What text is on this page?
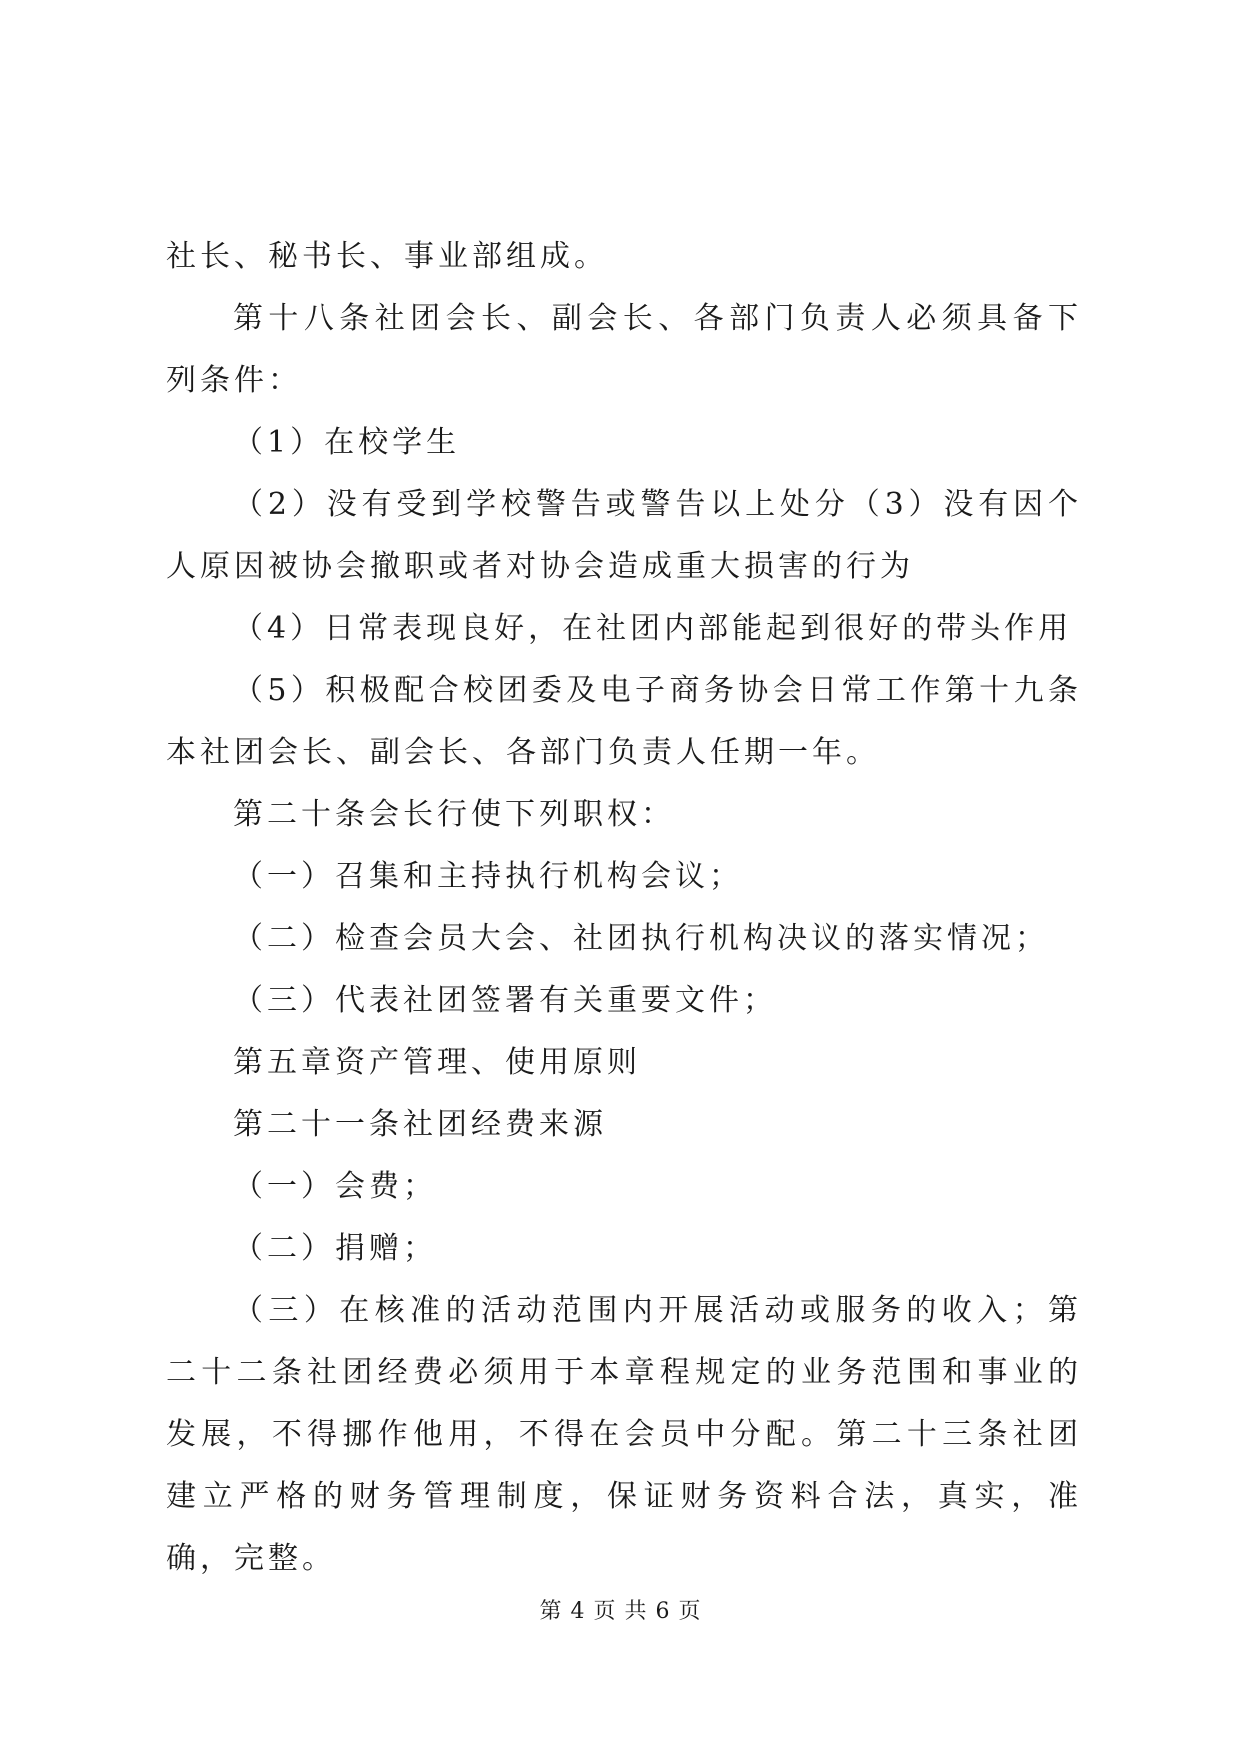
社长、秘书长、事业部组成。

第十八条社团会长、副会长、各部门负责人必须具备下列条件：

（1）在校学生

（2）没有受到学校警告或警告以上处分（3）没有因个人原因被协会撤职或者对协会造成重大损害的行为

（4）日常表现良好，在社团内部能起到很好的带头作用

（5）积极配合校团委及电子商务协会日常工作第十九条本社团会长、副会长、各部门负责人任期一年。

第二十条会长行使下列职权：

（一）召集和主持执行机构会议；

（二）检查会员大会、社团执行机构决议的落实情况；

（三）代表社团签署有关重要文件；

第五章资产管理、使用原则

第二十一条社团经费来源

（一）会费；

（二）捐赠；

（三）在核准的活动范围内开展活动或服务的收入；第二十二条社团经费必须用于本章程规定的业务范围和事业的发展，不得挪作他用，不得在会员中分配。第二十三条社团建立严格的财务管理制度，保证财务资料合法，真实，准确，完整。

第 4 页 共 6 页
